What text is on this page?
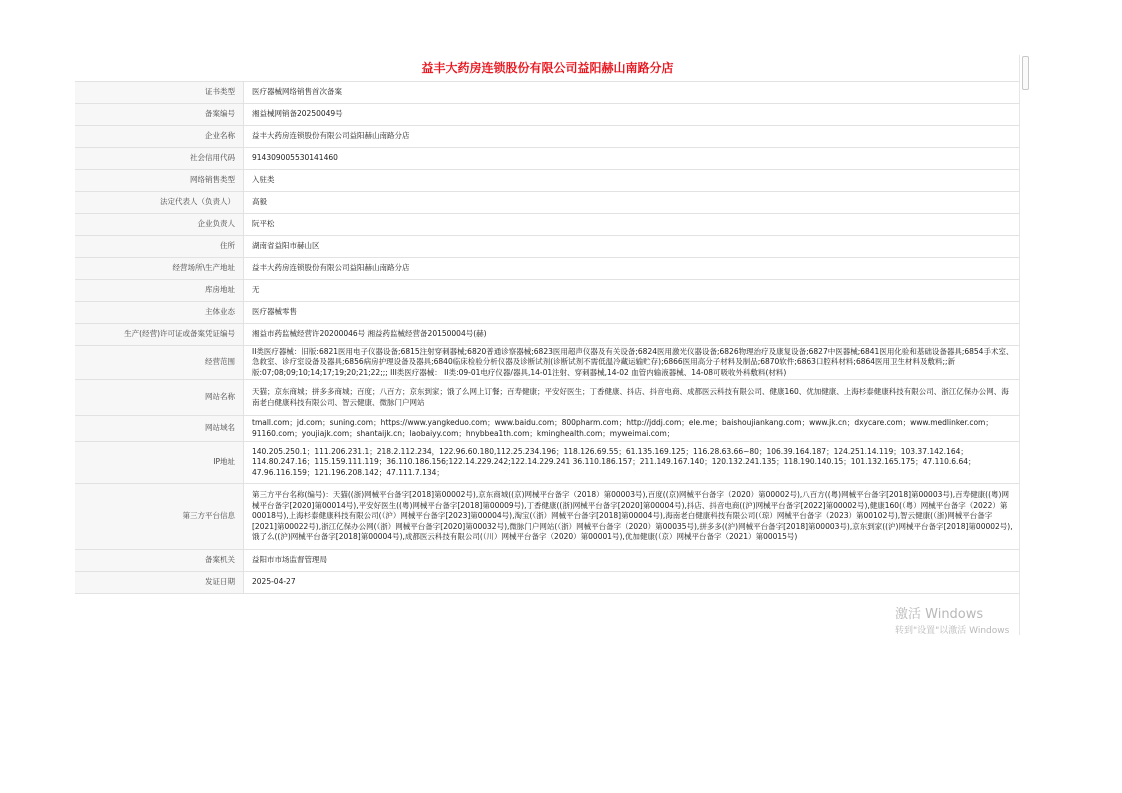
益丰大药房连锁股份有限公司益阳赫山南路分店
证书类型	医疗器械网络销售首次备案
备案编号	湘益械网销备20250049号
企业名称	益丰大药房连锁股份有限公司益阳赫山南路分店
社会信用代码	914309005530141460
网络销售类型	入驻类
法定代表人（负责人）	高毅
企业负责人	阮平松
住所	湖南省益阳市赫山区
经营场所\生产地址	益丰大药房连锁股份有限公司益阳赫山南路分店
库房地址	无
主体业态	医疗器械零售
生产(经营)许可证或备案凭证编号	湘益市药监械经营许20200046号 湘益药监械经营备20150004号(赫)
经营范围	II类医疗器械：旧版:6821医用电子仪器设备;6815注射穿刺器械;6820普通诊察器械;6823医用超声仪器及有关设备;6824医用激光仪器设备;6826物理治疗及康复设备;6827中医器械;6841医用化验和基础设备器具;6854手术室、急救室、诊疗室设备及器具;6856病房护理设备及器具;6840临床检验分析仪器及诊断试剂(诊断试剂不需低温冷藏运输贮存);6866医用高分子材料及制品;6870软件;6863口腔科材料;6864医用卫生材料及敷料;;新版:07;08;09;10;14;17;19;20;21;22;;; III类医疗器械： II类:09-01电疗仪器/器具,14-01注射、穿刺器械,14-02 血管内输液器械、14-08可吸收外科敷料(材料)
网站名称	天猫；京东商城；拼多多商城；百度；八百方；京东到家；饿了么网上订餐；百寿健康；平安好医生；丁香健康、抖店、抖音电商、成都医云科技有限公司、健康160、优加健康、上海杉泰健康科技有限公司、浙江亿保办公网、海南老白健康科技有限公司、智云健康、微脉门户网站
网站域名	tmall.com；jd.com；suning.com；https://www.yangkeduo.com；www.baidu.com；800pharm.com；http://jddj.com；ele.me；baishoujiankang.com；www.jk.cn；dxycare.com；www.medlinker.com；91160.com；youjiajk.com；shantaijk.cn；laobaiyy.com；hnybbea1th.com；kminghealth.com；myweimai.com；
IP地址	140.205.250.1；111.206.231.1；218.2.112.234，122.96.60.180,112.25.234.196；118.126.69.55；61.135.169.125；116.28.63.66~80；106.39.164.187；124.251.14.119；103.37.142.164；114.80.247.16；115.159.111.119；36.110.186.156;122.14.229.242;122.14.229.241 36.110.186.157；211.149.167.140；120.132.241.135；118.190.140.15；101.132.165.175；47.110.6.64；47.96.116.159；121.196.208.142；47.111.7.134；
第三方平台信息	第三方平台名称(编号)：天猫((浙)网械平台备字[2018]第00002号),京东商城((京)网械平台备字（2018）第00003号),百度((京)网械平台备字（2020）第00002号),八百方((粤)网械平台备字[2018]第00003号),百寿健康((粤)网械平台备字[2020]第00014号),平安好医生((粤)网械平台备字[2018]第00009号),丁香健康((浙)网械平台备字[2020]第00004号),抖店、抖音电商((沪)网械平台备字[2022]第00002号),健康160(（粤）网械平台备字（2022）第00018号),上海杉泰健康科技有限公司(（沪）网械平台备字[2023]第00004号),淘宝(（浙）网械平台备字[2018]第00004号),海南老白健康科技有限公司(（琼）网械平台备字（2023）第00102号),智云健康(（浙)网械平台备字[2021]第00022号),浙江亿保办公网(（浙）网械平台备字[2020]第00032号),微脉门户网站(（浙）网械平台备字（2020）第00035号),拼多多((沪)网械平台备字[2018]第00003号),京东到家((沪)网械平台备字[2018]第00002号),饿了么((沪)网械平台备字[2018]第00004号),成都医云科技有限公司(（川）网械平台备字（2020）第00001号),优加健康(（京）网械平台备字（2021）第00015号)
备案机关	益阳市市场监督管理局
发证日期	2025-04-27
激活 Windows
转到"设置"以激活 Windows
